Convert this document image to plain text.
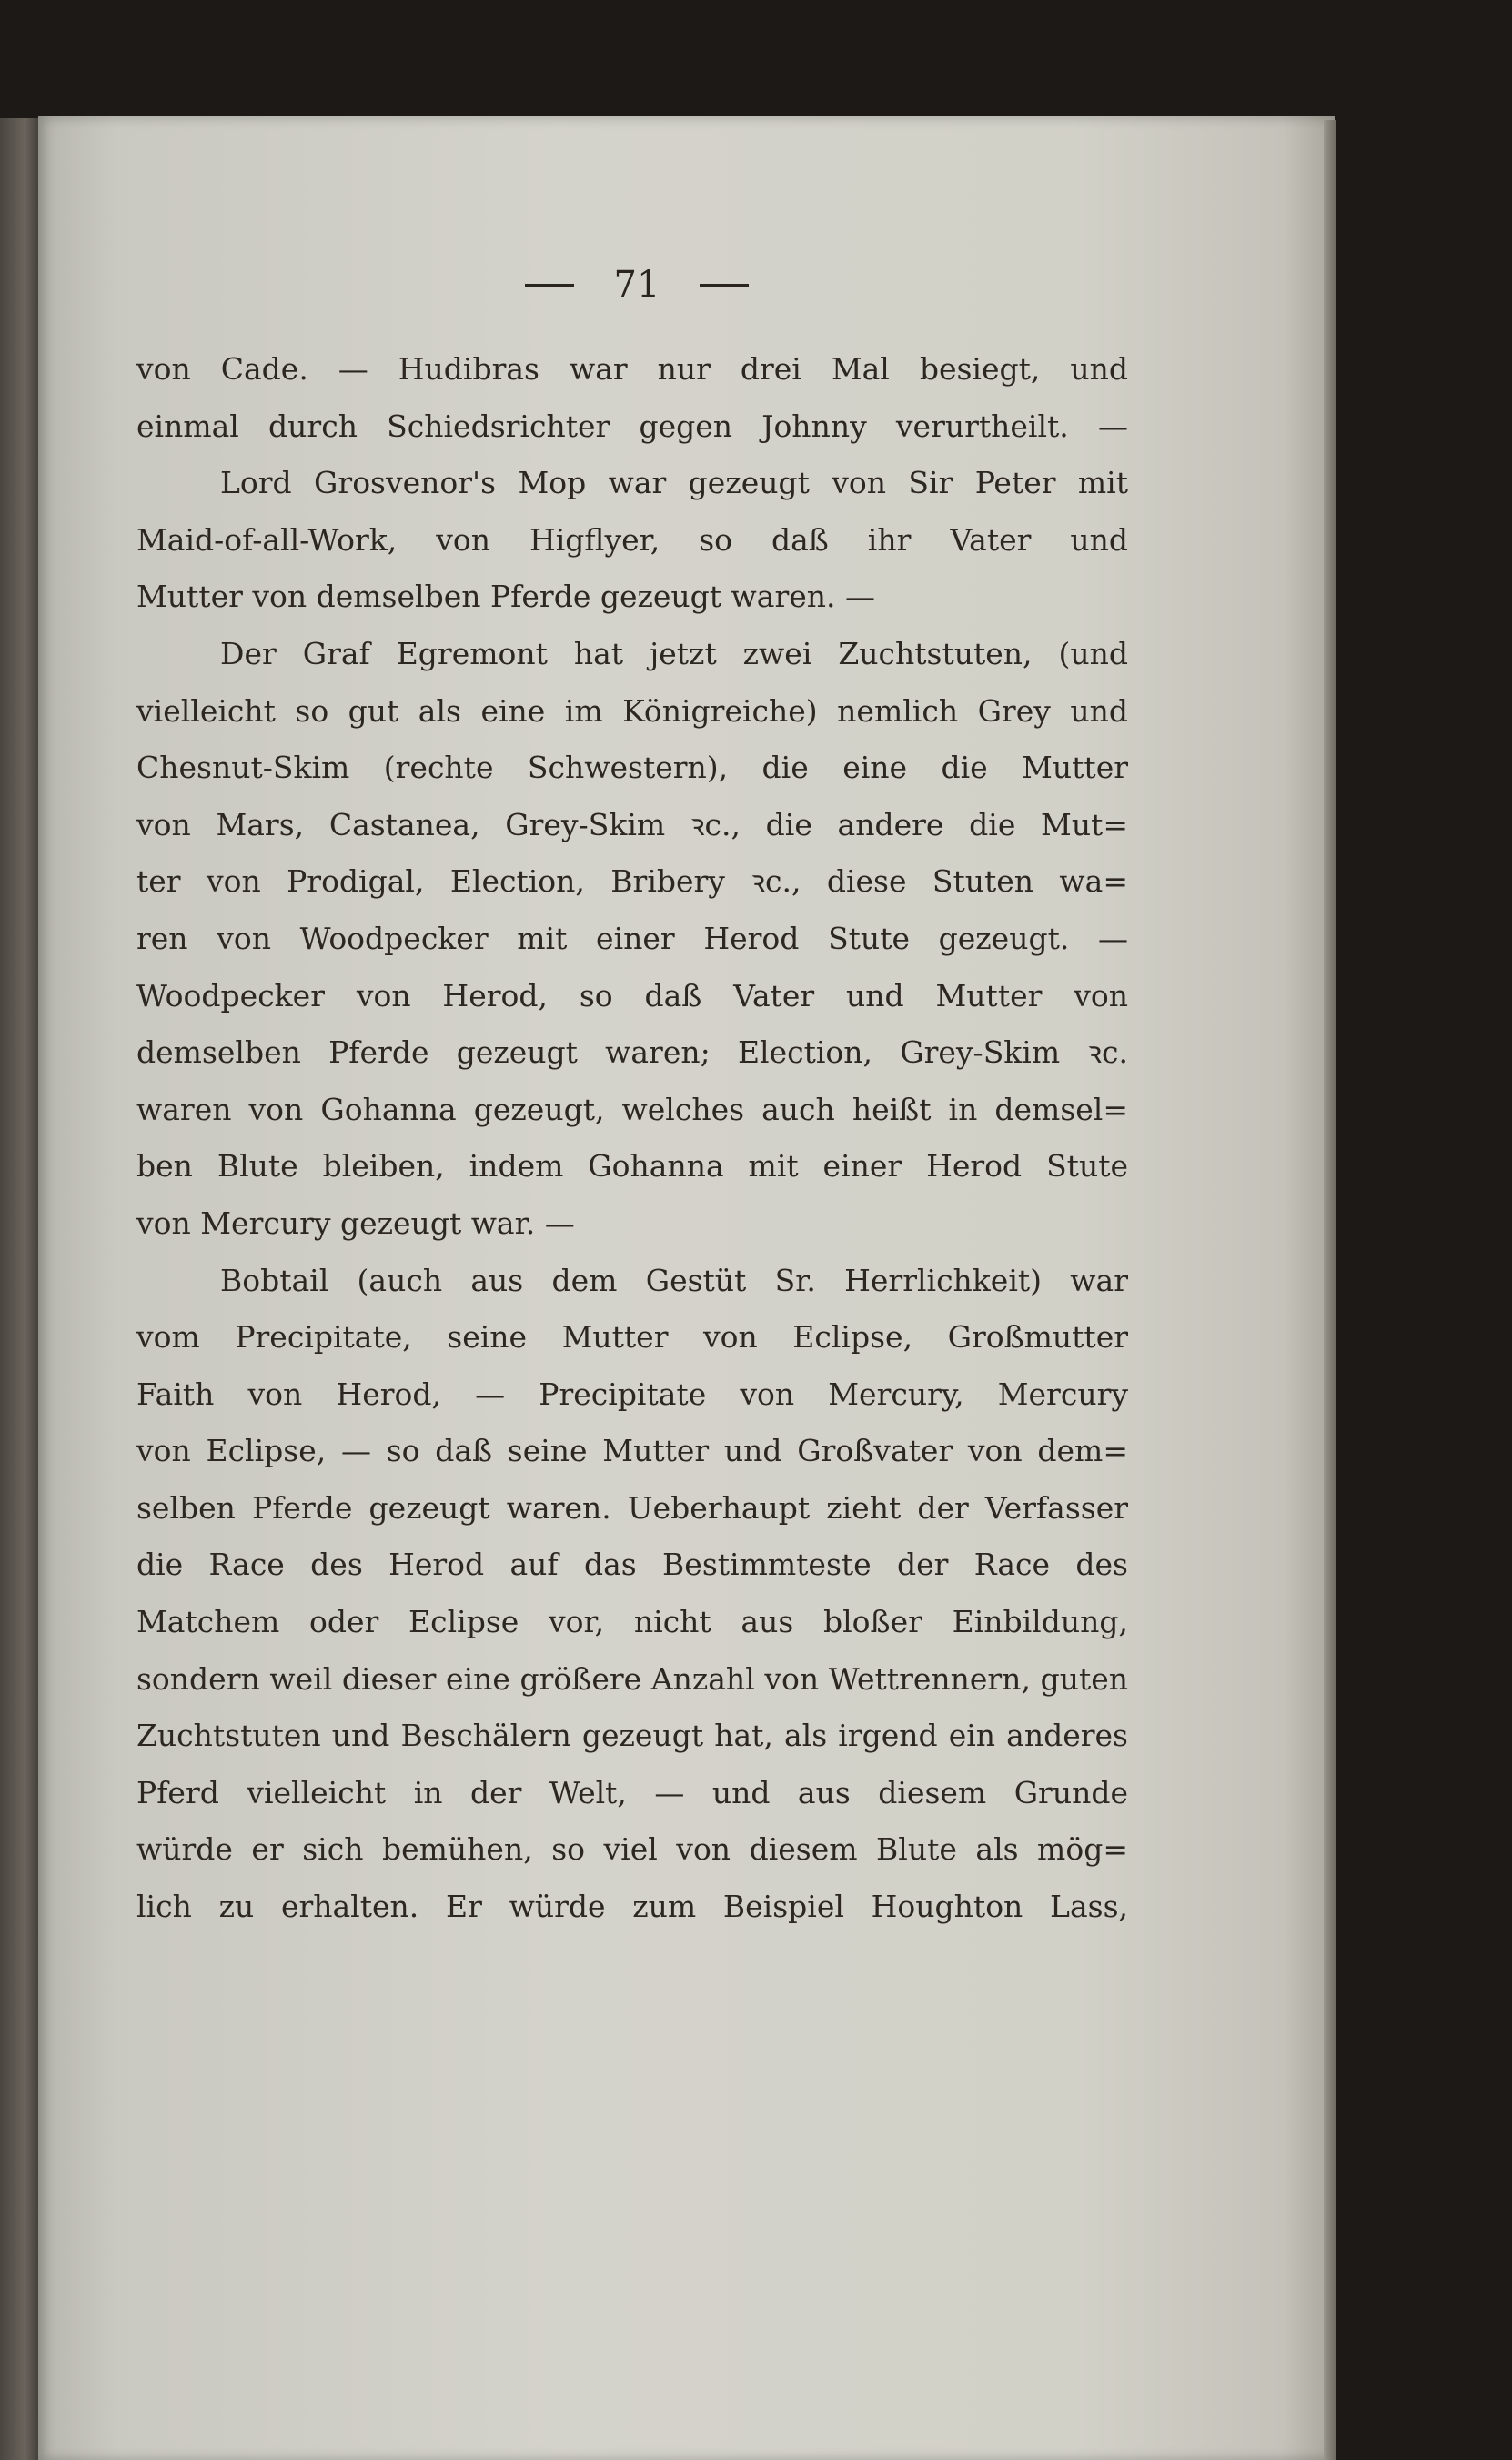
71
von Cade. — Hudibras war nur drei Mal besiegt, und
einmal durch Schiedsrichter gegen Johnny verurtheilt. —
Lord Grosvenor's Mop war gezeugt von Sir Peter mit
Maid-of-all-Work, von Higflyer, so daß ihr Vater und
Mutter von demselben Pferde gezeugt waren. —
Der Graf Egremont hat jetzt zwei Zuchtstuten, (und
vielleicht so gut als eine im Königreiche) nemlich Grey und
Chesnut-Skim (rechte Schwestern), die eine die Mutter
von Mars, Castanea, Grey-Skim ꝛc., die andere die Mut=
ter von Prodigal, Election, Bribery ꝛc., diese Stuten wa=
ren von Woodpecker mit einer Herod Stute gezeugt. —
Woodpecker von Herod, so daß Vater und Mutter von
demselben Pferde gezeugt waren; Election, Grey-Skim ꝛc.
waren von Gohanna gezeugt, welches auch heißt in demsel=
ben Blute bleiben, indem Gohanna mit einer Herod Stute
von Mercury gezeugt war. —
Bobtail (auch aus dem Gestüt Sr. Herrlichkeit) war
vom Precipitate, seine Mutter von Eclipse, Großmutter
Faith von Herod, — Precipitate von Mercury, Mercury
von Eclipse, — so daß seine Mutter und Großvater von dem=
selben Pferde gezeugt waren. Ueberhaupt zieht der Verfasser
die Race des Herod auf das Bestimmteste der Race des
Matchem oder Eclipse vor, nicht aus bloßer Einbildung,
sondern weil dieser eine größere Anzahl von Wettrennern, guten
Zuchtstuten und Beschälern gezeugt hat, als irgend ein anderes
Pferd vielleicht in der Welt, — und aus diesem Grunde
würde er sich bemühen, so viel von diesem Blute als mög=
lich zu erhalten. Er würde zum Beispiel Houghton Lass,
